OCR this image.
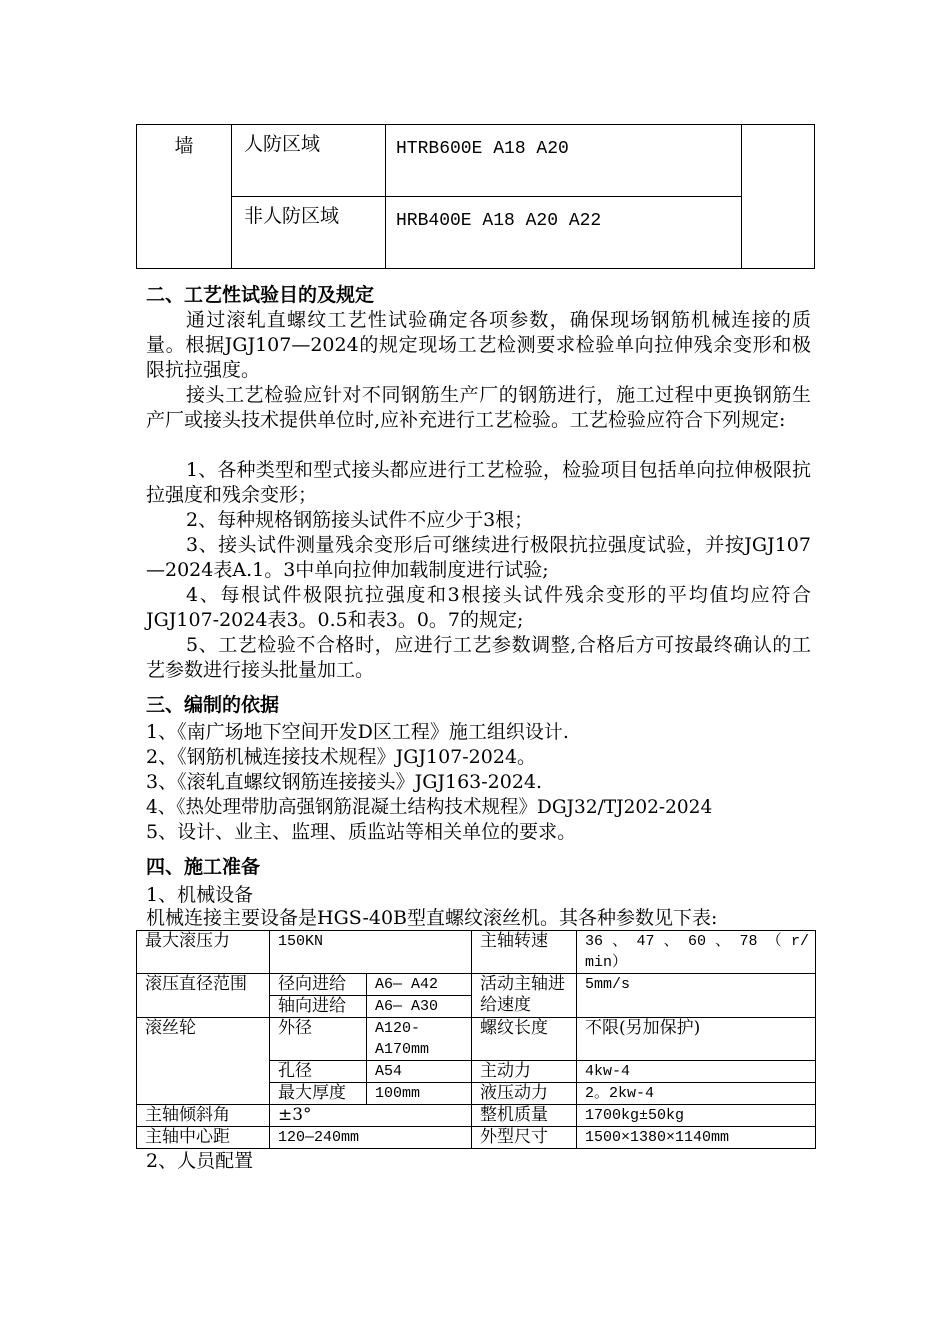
墙	人防区域	HTRB600E A18 A20	
	非人防区域	HRB400E A18 A20 A22	
二、工艺性试验目的及规定
通过滚轧直螺纹工艺性试验确定各项参数，确保现场钢筋机械连接的质量。根据JGJ107—2024的规定现场工艺检测要求检验单向拉伸残余变形和极限抗拉强度。
接头工艺检验应针对不同钢筋生产厂的钢筋进行，施工过程中更换钢筋生产厂或接头技术提供单位时,应补充进行工艺检验。工艺检验应符合下列规定:
1、各种类型和型式接头都应进行工艺检验，检验项目包括单向拉伸极限抗拉强度和残余变形；
2、每种规格钢筋接头试件不应少于3根；
3、接头试件测量残余变形后可继续进行极限抗拉强度试验，并按JGJ107—2024表A.1。3中单向拉伸加载制度进行试验;
4、每根试件极限抗拉强度和3根接头试件残余变形的平均值均应符合JGJ107-2024表3。0.5和表3。0。7的规定;
5、工艺检验不合格时，应进行工艺参数调整,合格后方可按最终确认的工艺参数进行接头批量加工。
三、编制的依据
1、《南广场地下空间开发D区工程》施工组织设计.
2、《钢筋机械连接技术规程》JGJ107-2024。
3、《滚轧直螺纹钢筋连接接头》JGJ163-2024.
4、《热处理带肋高强钢筋混凝土结构技术规程》DGJ32/TJ202-2024
5、设计、业主、监理、质监站等相关单位的要求。
四、施工准备
1、机械设备
机械连接主要设备是HGS-40B型直螺纹滚丝机。其各种参数见下表:
最大滚压力	150KN		主轴转速	36 、 47 、 60 、 78 （ r/ min）
滚压直径范围	径向进给	A6— A42	活动主轴进给速度	5mm/s
	轴向进给	A6— A30		
滚丝轮	外径	A120-A170mm	螺纹长度	不限(另加保护)
	孔径	A54	主动力	4kw-4
	最大厚度	100mm	液压动力	2。2kw-4
主轴倾斜角	±3°		整机质量	1700kg±50kg
主轴中心距	120—240mm		外型尺寸	1500×1380×1140mm
2、人员配置
